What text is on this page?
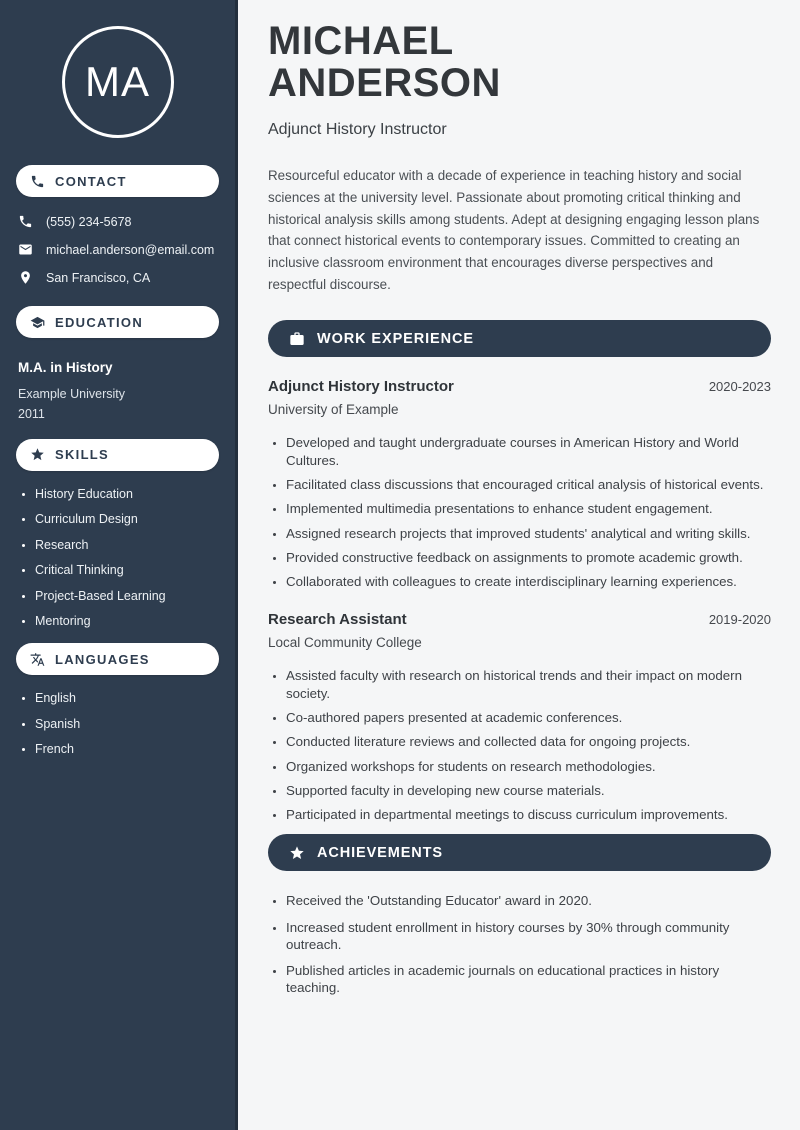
MA
CONTACT
(555) 234-5678
michael.anderson@email.com
San Francisco, CA
EDUCATION
M.A. in History
Example University
2011
SKILLS
• History Education
• Curriculum Design
• Research
• Critical Thinking
• Project-Based Learning
• Mentoring
LANGUAGES
• English
• Spanish
• French
MICHAEL
ANDERSON
Adjunct History Instructor

Resourceful educator with a decade of experience in teaching history and social sciences at the university level. Passionate about promoting critical thinking and historical analysis skills among students. Adept at designing engaging lesson plans that connect historical events to contemporary issues. Committed to creating an inclusive classroom environment that encourages diverse perspectives and respectful discourse.

WORK EXPERIENCE
Adjunct History Instructor	2020-2023
University of Example
• Developed and taught undergraduate courses in American History and World Cultures.
• Facilitated class discussions that encouraged critical analysis of historical events.
• Implemented multimedia presentations to enhance student engagement.
• Assigned research projects that improved students' analytical and writing skills.
• Provided constructive feedback on assignments to promote academic growth.
• Collaborated with colleagues to create interdisciplinary learning experiences.
Research Assistant	2019-2020
Local Community College
• Assisted faculty with research on historical trends and their impact on modern society.
• Co-authored papers presented at academic conferences.
• Conducted literature reviews and collected data for ongoing projects.
• Organized workshops for students on research methodologies.
• Supported faculty in developing new course materials.
• Participated in departmental meetings to discuss curriculum improvements.
ACHIEVEMENTS
• Received the 'Outstanding Educator' award in 2020.
• Increased student enrollment in history courses by 30% through community outreach.
• Published articles in academic journals on educational practices in history teaching.
